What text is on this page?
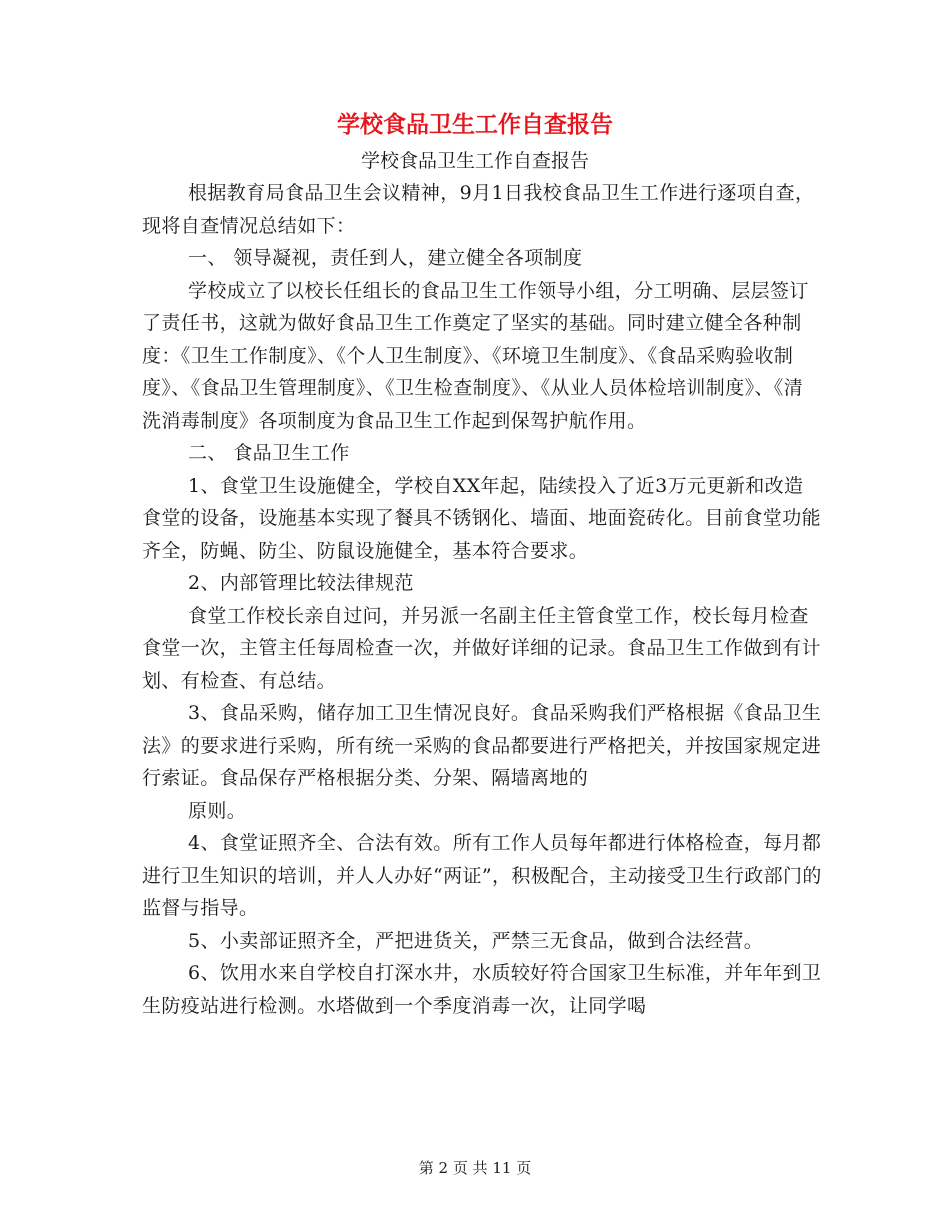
学校食品卫生工作自查报告
学校食品卫生工作自查报告

根据教育局食品卫生会议精神，9月1日我校食品卫生工作进行逐项自查，现将自查情况总结如下：

一、 领导凝视，责任到人，建立健全各项制度

学校成立了以校长任组长的食品卫生工作领导小组，分工明确、层层签订了责任书，这就为做好食品卫生工作奠定了坚实的基础。同时建立健全各种制度：《卫生工作制度》、《个人卫生制度》、《环境卫生制度》、《食品采购验收制度》、《食品卫生管理制度》、《卫生检查制度》、《从业人员体检培训制度》、《清洗消毒制度》各项制度为食品卫生工作起到保驾护航作用。

二、 食品卫生工作

1、食堂卫生设施健全，学校自XX年起，陆续投入了近3万元更新和改造食堂的设备，设施基本实现了餐具不锈钢化、墙面、地面瓷砖化。目前食堂功能齐全，防蝇、防尘、防鼠设施健全，基本符合要求。

2、内部管理比较法律规范

食堂工作校长亲自过问，并另派一名副主任主管食堂工作，校长每月检查食堂一次，主管主任每周检查一次，并做好详细的记录。食品卫生工作做到有计划、有检查、有总结。

3、食品采购，储存加工卫生情况良好。食品采购我们严格根据《食品卫生法》的要求进行采购，所有统一采购的食品都要进行严格把关，并按国家规定进行索证。食品保存严格根据分类、分架、隔墙离地的

原则。

4、食堂证照齐全、合法有效。所有工作人员每年都进行体格检查，每月都进行卫生知识的培训，并人人办好“两证”，积极配合，主动接受卫生行政部门的监督与指导。

5、小卖部证照齐全，严把进货关，严禁三无食品，做到合法经营。

6、饮用水来自学校自打深水井，水质较好符合国家卫生标准，并年年到卫生防疫站进行检测。水塔做到一个季度消毒一次，让同学喝

第 2 页 共 11 页
